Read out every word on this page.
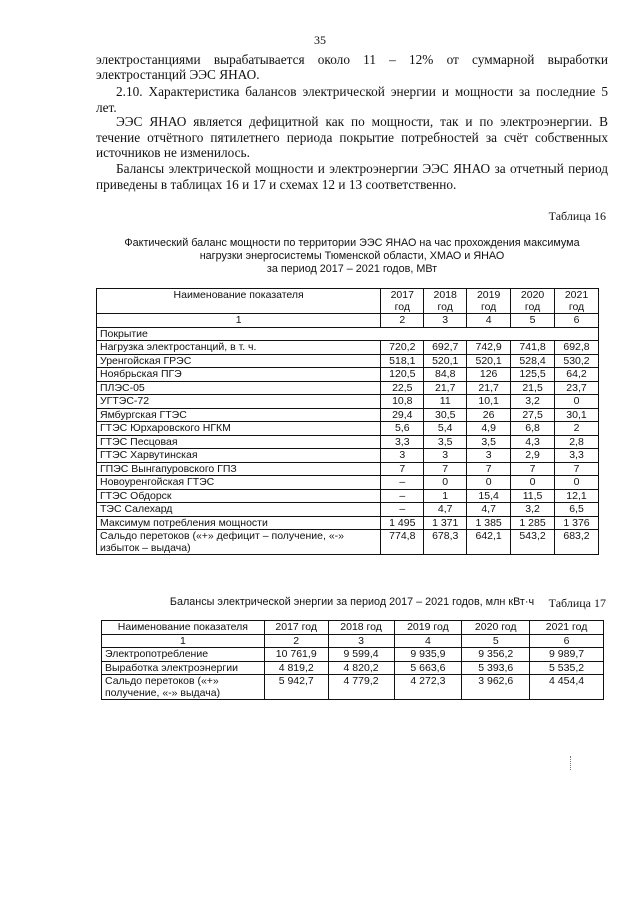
35

электростанциями вырабатывается около 11 – 12% от суммарной выработки

электростанций ЭЭС ЯНАО.

2.10. Характеристика балансов электрической энергии и мощности за последние 5 лет.

ЭЭС ЯНАО является дефицитной как по мощности, так и по электроэнергии. В течение отчётного пятилетнего периода покрытие потребностей за счёт собственных источников не изменилось.

Балансы электрической мощности и электроэнергии ЭЭС ЯНАО за отчетный период приведены в таблицах 16 и 17 и схемах 12 и 13 соответственно.

Таблица 16
Фактический баланс мощности по территории ЭЭС ЯНАО на час прохождения максимума
нагрузки энергосистемы Тюменской области, ХМАО и ЯНАО
за период 2017 – 2021 годов, МВт
Наименование показателя	2017 год	2018 год	2019 год	2020 год	2021 год
1	2	3	4	5	6
Покрытие					
Нагрузка электростанций, в т. ч.	720,2	692,7	742,9	741,8	692,8
Уренгойская ГРЭС	518,1	520,1	520,1	528,4	530,2
Ноябрьская ПГЭ	120,5	84,8	126	125,5	64,2
ПЛЭС-05	22,5	21,7	21,7	21,5	23,7
УГТЭС-72	10,8	11	10,1	3,2	0
Ямбургская ГТЭС	29,4	30,5	26	27,5	30,1
ГТЭС Юрхаровского НГКМ	5,6	5,4	4,9	6,8	2
ГТЭС Песцовая	3,3	3,5	3,5	4,3	2,8
ГТЭС Харвутинская	3	3	3	2,9	3,3
ГПЭС Вынгапуровского ГПЗ	7	7	7	7	7
Новоуренгойская ГТЭС	–	0	0	0	0
ГТЭС Обдорск	–	1	15,4	11,5	12,1
ТЭС Салехард	–	4,7	4,7	3,2	6,5
Максимум потребления мощности	1 495	1 371	1 385	1 285	1 376
Сальдо перетоков («+» дефицит – получение, «-» избыток – выдача)	774,8	678,3	642,1	543,2	683,2
Таблица 17
Балансы электрической энергии за период 2017 – 2021 годов, млн кВт·ч
Наименование показателя	2017 год	2018 год	2019 год	2020 год	2021 год
1	2	3	4	5	6
Электропотребление	10 761,9	9 599,4	9 935,9	9 356,2	9 989,7
Выработка электроэнергии	4 819,2	4 820,2	5 663,6	5 393,6	5 535,2
Сальдо перетоков («+» получение, «-» выдача)	5 942,7	4 779,2	4 272,3	3 962,6	4 454,4
